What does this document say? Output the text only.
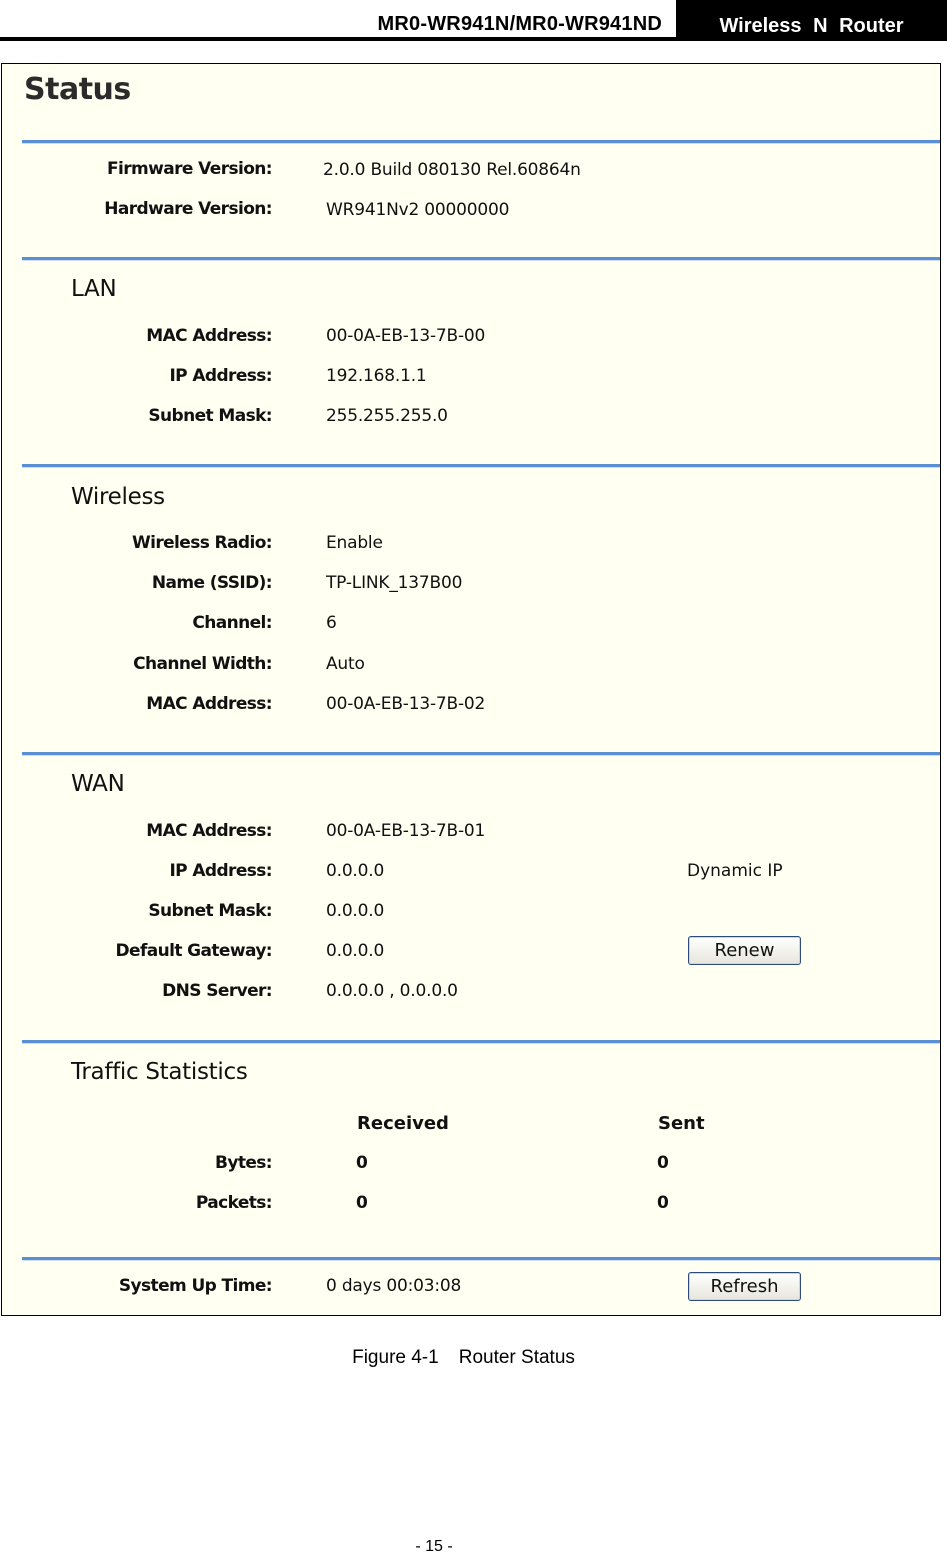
MR0-WR941N/MR0-WR941ND	Wireless N Router
Status
Firmware Version:	2.0.0 Build 080130 Rel.60864n
Hardware Version:	WR941Nv2 00000000
LAN
MAC Address:	00-0A-EB-13-7B-00
IP Address:	192.168.1.1
Subnet Mask:	255.255.255.0
Wireless
Wireless Radio:	Enable
Name (SSID):	TP-LINK_137B00
Channel:	6
Channel Width:	Auto
MAC Address:	00-0A-EB-13-7B-02
WAN
MAC Address:	00-0A-EB-13-7B-01
IP Address:	0.0.0.0	Dynamic IP
Subnet Mask:	0.0.0.0
Default Gateway:	0.0.0.0	Renew
DNS Server:	0.0.0.0 , 0.0.0.0
Traffic Statistics
Received	Sent
Bytes:	0	0
Packets:	0	0
System Up Time:	0 days 00:03:08	Refresh
Figure 4-1 Router Status
- 15 -
